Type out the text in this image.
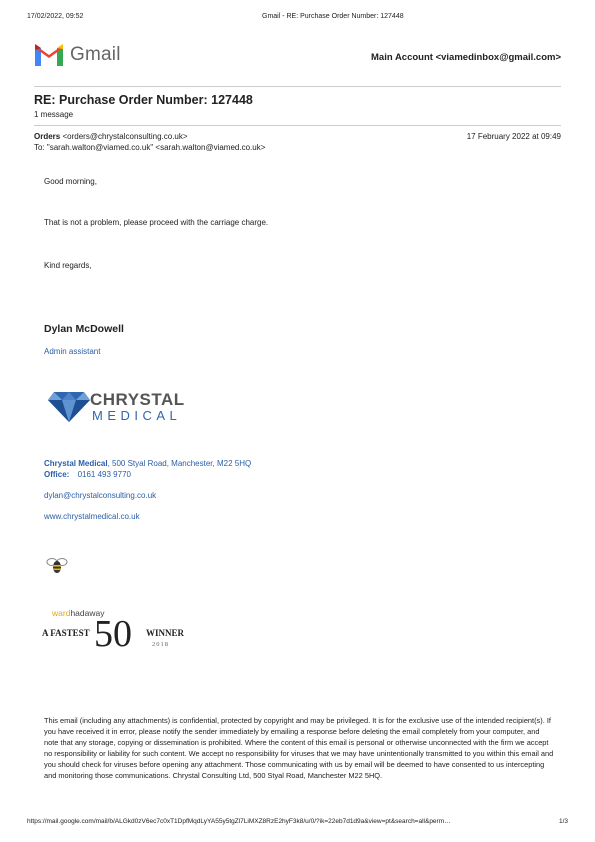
17/02/2022, 09:52	Gmail - RE: Purchase Order Number: 127448
Gmail	Main Account <viamedinbox@gmail.com>
RE: Purchase Order Number: 127448
1 message
Orders <orders@chrystalconsulting.co.uk>	17 February 2022 at 09:49
To: "sarah.walton@viamed.co.uk" <sarah.walton@viamed.co.uk>
Good morning,
That is not a problem, please proceed with the carriage charge.
Kind regards,
Dylan McDowell
Admin assistant
CHRYSTAL
MEDICAL
Chrystal Medical, 500 Styal Road, Manchester, M22 5HQ
Office: 0161 493 9770
dylan@chrystalconsulting.co.uk
www.chrystalmedical.co.uk
wardhadaway
A FASTEST 50 WINNER
2018
This email (including any attachments) is confidential, protected by copyright and may be privileged. It is for the exclusive use of the intended recipient(s). If you have received it in error, please notify the sender immediately by emailing a response before deleting the email completely from your computer, and note that any storage, copying or dissemination is prohibited. Where the content of this email is personal or otherwise unconnected with the firm we accept no responsibility or liability for such content. We accept no responsibility for viruses that we may have unintentionally transmitted to you within this email and you should check for viruses before opening any attachment. Those communicating with us by email will be deemed to have consented to us intercepting and monitoring those communications. Chrystal Consulting Ltd, 500 Styal Road, Manchester M22 5HQ.
https://mail.google.com/mail/b/ALGkd0zV6ec7c0xT1DpfMqdLyYA55y5tgZl7LiMXZ8RzE2hyF3k8/u/0/?ik=22eb7d1d9a&view=pt&search=all&perm…	1/3
